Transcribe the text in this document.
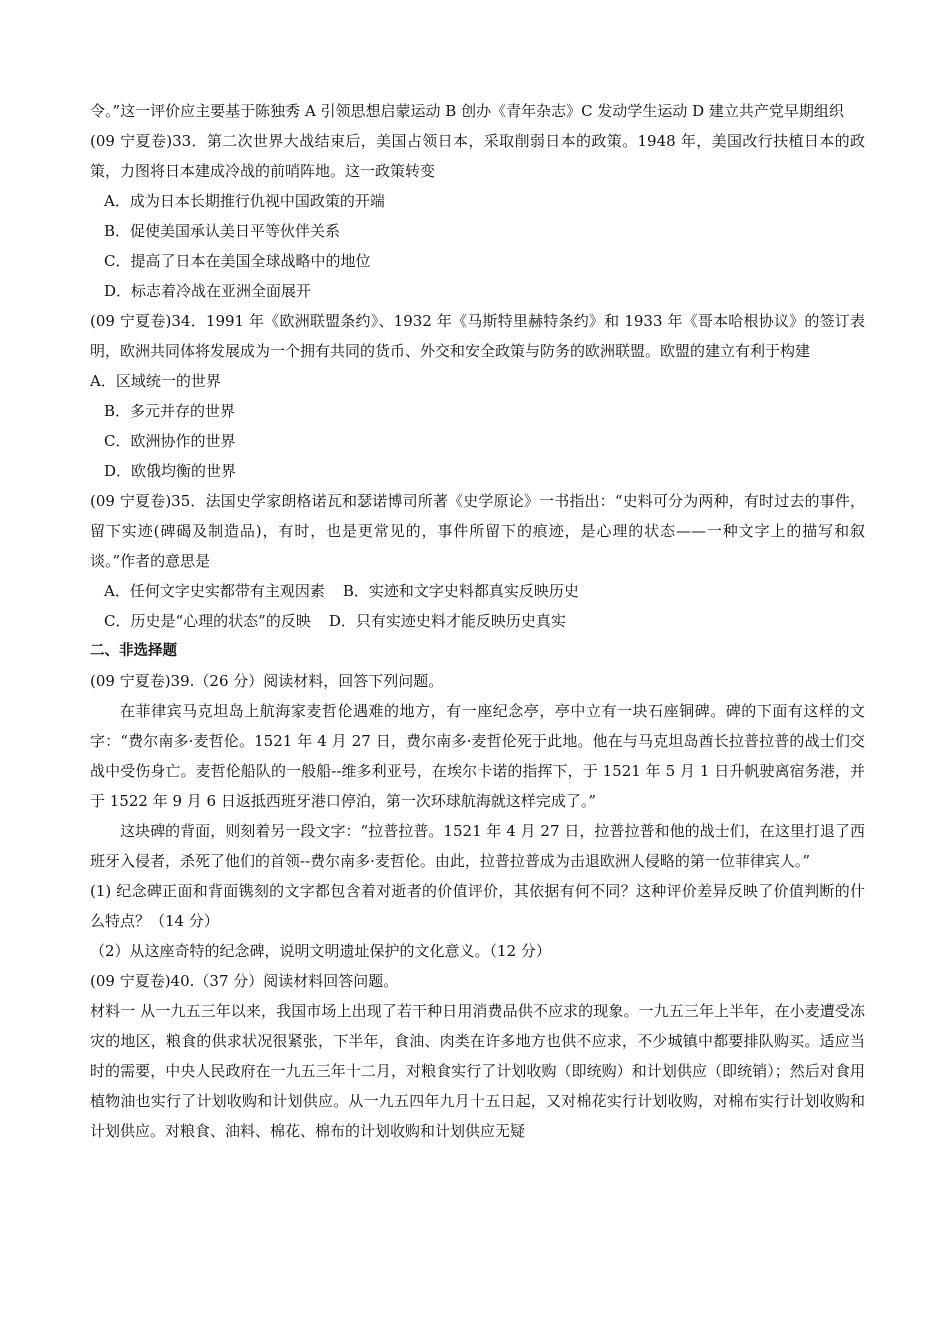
令。”这一评价应主要基于陈独秀 A 引领思想启蒙运动 B 创办《青年杂志》C 发动学生运动 D 建立共产党早期组织

(09 宁夏卷)33．第二次世界大战结束后，美国占领日本，采取削弱日本的政策。1948 年，美国改行扶植日本的政策，力图将日本建成冷战的前哨阵地。这一政策转变

A．成为日本长期推行仇视中国政策的开端

B．促使美国承认美日平等伙伴关系

C．提高了日本在美国全球战略中的地位

D．标志着冷战在亚洲全面展开

(09 宁夏卷)34．1991 年《欧洲联盟条约》、1932 年《马斯特里赫特条约》和 1933 年《哥本哈根协议》的签订表明，欧洲共同体将发展成为一个拥有共同的货币、外交和安全政策与防务的欧洲联盟。欧盟的建立有利于构建

A．区域统一的世界

B．多元并存的世界

C．欧洲协作的世界

D．欧俄均衡的世界

(09 宁夏卷)35．法国史学家朗格诺瓦和瑟诺博司所著《史学原论》一书指出：“史料可分为两种，有时过去的事件，留下实迹(碑碣及制造品)，有时，也是更常见的，事件所留下的痕迹，是心理的状态——一种文字上的描写和叙谈。”作者的意思是

A．任何文字史实都带有主观因素 B．实迹和文字史料都真实反映历史

C．历史是“心理的状态”的反映 D．只有实迹史料才能反映历史真实

二、非选择题

(09 宁夏卷)39.（26 分）阅读材料，回答下列问题。

在菲律宾马克坦岛上航海家麦哲伦遇难的地方，有一座纪念亭，亭中立有一块石座铜碑。碑的下面有这样的文字：“费尔南多·麦哲伦。1521 年 4 月 27 日，费尔南多·麦哲伦死于此地。他在与马克坦岛酋长拉普拉普的战士们交战中受伤身亡。麦哲伦船队的一般船--维多利亚号，在埃尔卡诺的指挥下，于 1521 年 5 月 1 日升帆驶离宿务港，并于 1522 年 9 月 6 日返抵西班牙港口停泊，第一次环球航海就这样完成了。”

这块碑的背面，则刻着另一段文字：“拉普拉普。1521 年 4 月 27 日，拉普拉普和他的战士们，在这里打退了西班牙入侵者，杀死了他们的首领--费尔南多·麦哲伦。由此，拉普拉普成为击退欧洲人侵略的第一位菲律宾人。”

(1) 纪念碑正面和背面镌刻的文字都包含着对逝者的价值评价，其依据有何不同？这种评价差异反映了价值判断的什么特点？（14 分）

（2）从这座奇特的纪念碑，说明文明遗址保护的文化意义。（12 分）

(09 宁夏卷)40.（37 分）阅读材料回答问题。

材料一 从一九五三年以来，我国市场上出现了若干种日用消费品供不应求的现象。一九五三年上半年，在小麦遭受冻灾的地区，粮食的供求状况很紧张，下半年，食油、肉类在许多地方也供不应求，不少城镇中都要排队购买。适应当时的需要，中央人民政府在一九五三年十二月，对粮食实行了计划收购（即统购）和计划供应（即统销）；然后对食用植物油也实行了计划收购和计划供应。从一九五四年九月十五日起，又对棉花实行计划收购，对棉布实行计划收购和计划供应。对粮食、油料、棉花、棉布的计划收购和计划供应无疑
